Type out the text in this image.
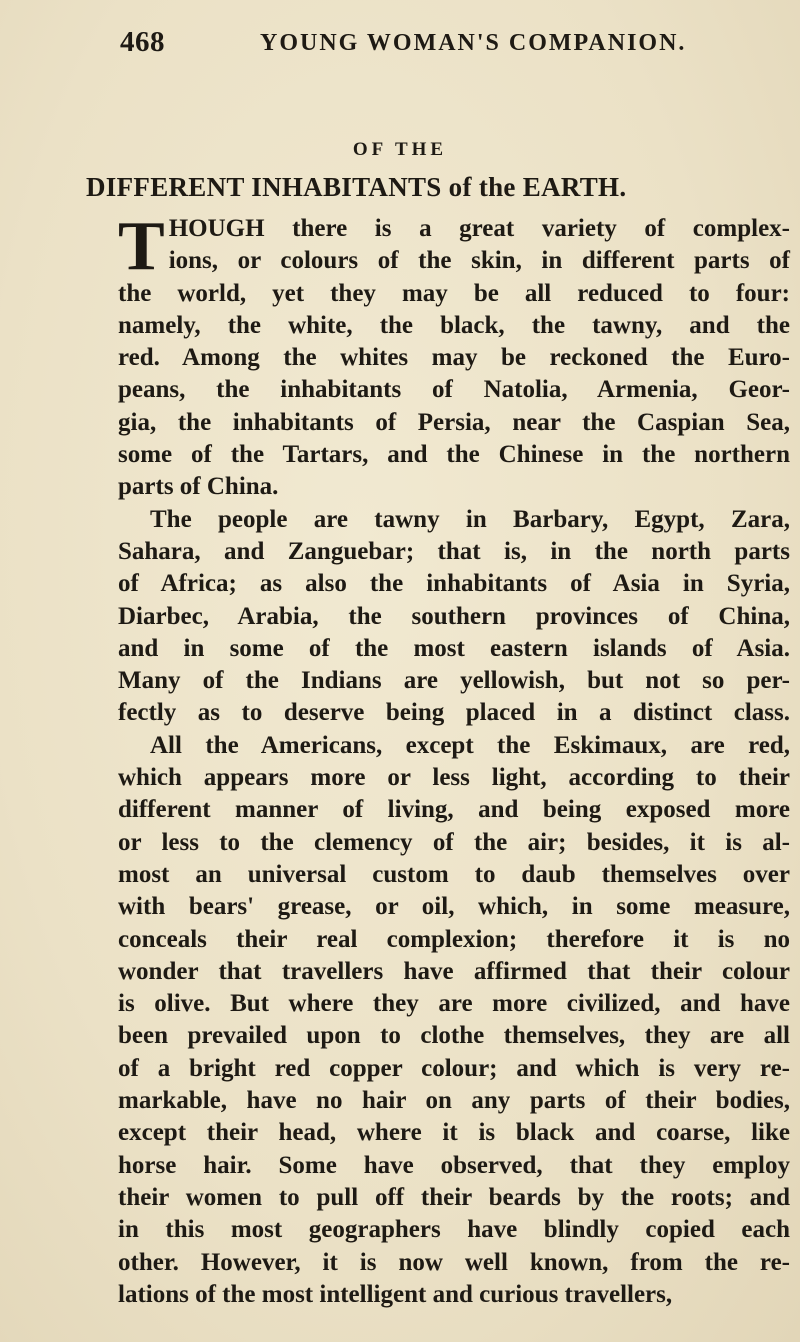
468	YOUNG WOMAN'S COMPANION.
OF THE
DIFFERENT INHABITANTS of the EARTH.
T HOUGH there is a great variety of complex-
ions, or colours of the skin, in different parts of
the world, yet they may be all reduced to four:
namely, the white, the black, the tawny, and the
red. Among the whites may be reckoned the Euro-
peans, the inhabitants of Natolia, Armenia, Geor-
gia, the inhabitants of Persia, near the Caspian Sea,
some of the Tartars, and the Chinese in the northern
parts of China.
The people are tawny in Barbary, Egypt, Zara,
Sahara, and Zanguebar; that is, in the north parts
of Africa; as also the inhabitants of Asia in Syria,
Diarbec, Arabia, the southern provinces of China,
and in some of the most eastern islands of Asia.
Many of the Indians are yellowish, but not so per-
fectly as to deserve being placed in a distinct class.
All the Americans, except the Eskimaux, are red,
which appears more or less light, according to their
different manner of living, and being exposed more
or less to the clemency of the air; besides, it is al-
most an universal custom to daub themselves over
with bears' grease, or oil, which, in some measure,
conceals their real complexion; therefore it is no
wonder that travellers have affirmed that their colour
is olive. But where they are more civilized, and have
been prevailed upon to clothe themselves, they are all
of a bright red copper colour; and which is very re-
markable, have no hair on any parts of their bodies,
except their head, where it is black and coarse, like
horse hair. Some have observed, that they employ
their women to pull off their beards by the roots; and
in this most geographers have blindly copied each
other. However, it is now well known, from the re-
lations of the most intelligent and curious travellers,
